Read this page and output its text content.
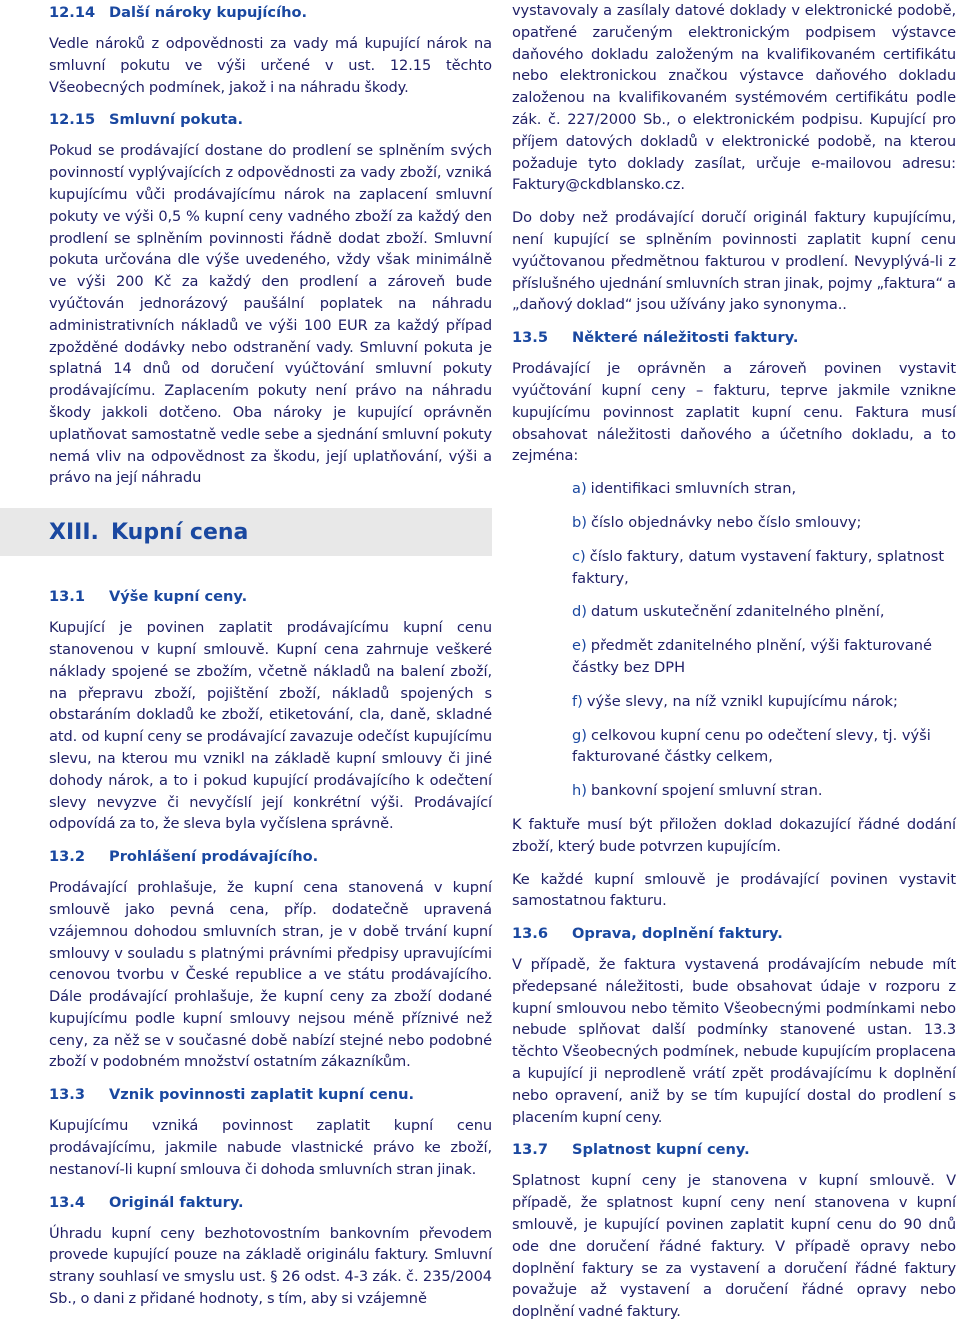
12.14 Další nároky kupujícího.

Vedle nároků z odpovědnosti za vady má kupující nárok na smluvní pokutu ve výši určené v ust. 12.15 těchto Všeobecných podmínek, jakož i na náhradu škody.

12.15 Smluvní pokuta.

Pokud se prodávající dostane do prodlení se splněním svých povinností vyplývajících z odpovědnosti za vady zboží, vzniká kupujícímu vůči prodávajícímu nárok na zaplacení smluvní pokuty ve výši 0,5 % kupní ceny vadného zboží za každý den prodlení se splněním povinnosti řádně dodat zboží. Smluvní pokuta určována dle výše uvedeného, vždy však minimálně ve výši 200 Kč za každý den prodlení a zároveň bude vyúčtován jednorázový paušální poplatek na náhradu administrativních nákladů ve výši 100 EUR za každý případ zpožděné dodávky nebo odstranění vady. Smluvní pokuta je splatná 14 dnů od doručení vyúčtování smluvní pokuty prodávajícímu. Zaplacením pokuty není právo na náhradu škody jakkoli dotčeno. Oba nároky je kupující oprávněn uplatňovat samostatně vedle sebe a sjednání smluvní pokuty nemá vliv na odpovědnost za škodu, její uplatňování, výši a právo na její náhradu

XIII. Kupní cena
13.1 Výše kupní ceny.

Kupující je povinen zaplatit prodávajícímu kupní cenu stanovenou v kupní smlouvě. Kupní cena zahrnuje veškeré náklady spojené se zbožím, včetně nákladů na balení zboží, na přepravu zboží, pojištění zboží, nákladů spojených s obstaráním dokladů ke zboží, etiketování, cla, daně, skladné atd. od kupní ceny se prodávající zavazuje odečíst kupujícímu slevu, na kterou mu vznikl na základě kupní smlouvy či jiné dohody nárok, a to i pokud kupující prodávajícího k odečtení slevy nevyzve či nevyčíslí její konkrétní výši. Prodávající odpovídá za to, že sleva byla vyčíslena správně.

13.2 Prohlášení prodávajícího.

Prodávající prohlašuje, že kupní cena stanovená v kupní smlouvě jako pevná cena, příp. dodatečně upravená vzájemnou dohodou smluvních stran, je v době trvání kupní smlouvy v souladu s platnými právními předpisy upravujícími cenovou tvorbu v České republice a ve státu prodávajícího. Dále prodávající prohlašuje, že kupní ceny za zboží dodané kupujícímu podle kupní smlouvy nejsou méně příznivé než ceny, za něž se v současné době nabízí stejné nebo podobné zboží v podobném množství ostatním zákazníkům.

13.3 Vznik povinnosti zaplatit kupní cenu.

Kupujícímu vzniká povinnost zaplatit kupní cenu prodávajícímu, jakmile nabude vlastnické právo ke zboží, nestanoví-li kupní smlouva či dohoda smluvních stran jinak.

13.4 Originál faktury.

Úhradu kupní ceny bezhotovostním bankovním převodem provede kupující pouze na základě originálu faktury. Smluvní strany souhlasí ve smyslu ust. § 26 odst. 4-3 zák. č. 235/2004 Sb., o dani z přidané hodnoty, s tím, aby si vzájemně

vystavovaly a zasílaly datové doklady v elektronické podobě, opatřené zaručeným elektronickým podpisem výstavce daňového dokladu založeným na kvalifikovaném certifikátu nebo elektronickou značkou výstavce daňového dokladu založenou na kvalifikovaném systémovém certifikátu podle zák. č. 227/2000 Sb., o elektronickém podpisu. Kupující pro příjem datových dokladů v elektronické podobě, na kterou požaduje tyto doklady zasílat, určuje e-mailovou adresu: Faktury@ckdblansko.cz.

Do doby než prodávající doručí originál faktury kupujícímu, není kupující se splněním povinnosti zaplatit kupní cenu vyúčtovanou předmětnou fakturou v prodlení. Nevyplývá-li z příslušného ujednání smluvních stran jinak, pojmy „faktura“ a „daňový doklad“ jsou užívány jako synonyma..

13.5 Některé náležitosti faktury.

Prodávající je oprávněn a zároveň povinen vystavit vyúčtování kupní ceny – fakturu, teprve jakmile vznikne kupujícímu povinnost zaplatit kupní cenu. Faktura musí obsahovat náležitosti daňového a účetního dokladu, a to zejména:

a) identifikaci smluvních stran,
b) číslo objednávky nebo číslo smlouvy;
c) číslo faktury, datum vystavení faktury, splatnost faktury,
d) datum uskutečnění zdanitelného plnění,
e) předmět zdanitelného plnění, výši fakturované částky bez DPH
f) výše slevy, na níž vznikl kupujícímu nárok;
g) celkovou kupní cenu po odečtení slevy, tj. výši fakturované částky celkem,
h) bankovní spojení smluvní stran.

K faktuře musí být přiložen doklad dokazující řádné dodání zboží, který bude potvrzen kupujícím.

Ke každé kupní smlouvě je prodávající povinen vystavit samostatnou fakturu.

13.6 Oprava, doplnění faktury.

V případě, že faktura vystavená prodávajícím nebude mít předepsané náležitosti, bude obsahovat údaje v rozporu z kupní smlouvou nebo těmito Všeobecnými podmínkami nebo nebude splňovat další podmínky stanovené ustan. 13.3 těchto Všeobecných podmínek, nebude kupujícím proplacena a kupující ji neprodleně vrátí zpět prodávajícímu k doplnění nebo opravení, aniž by se tím kupující dostal do prodlení s placením kupní ceny.

13.7 Splatnost kupní ceny.

Splatnost kupní ceny je stanovena v kupní smlouvě. V případě, že splatnost kupní ceny není stanovena v kupní smlouvě, je kupující povinen zaplatit kupní cenu do 90 dnů ode dne doručení řádné faktury. V případě opravy nebo doplnění faktury se za vystavení a doručení řádné faktury považuje až vystavení a doručení řádné opravy nebo doplnění vadné faktury.
